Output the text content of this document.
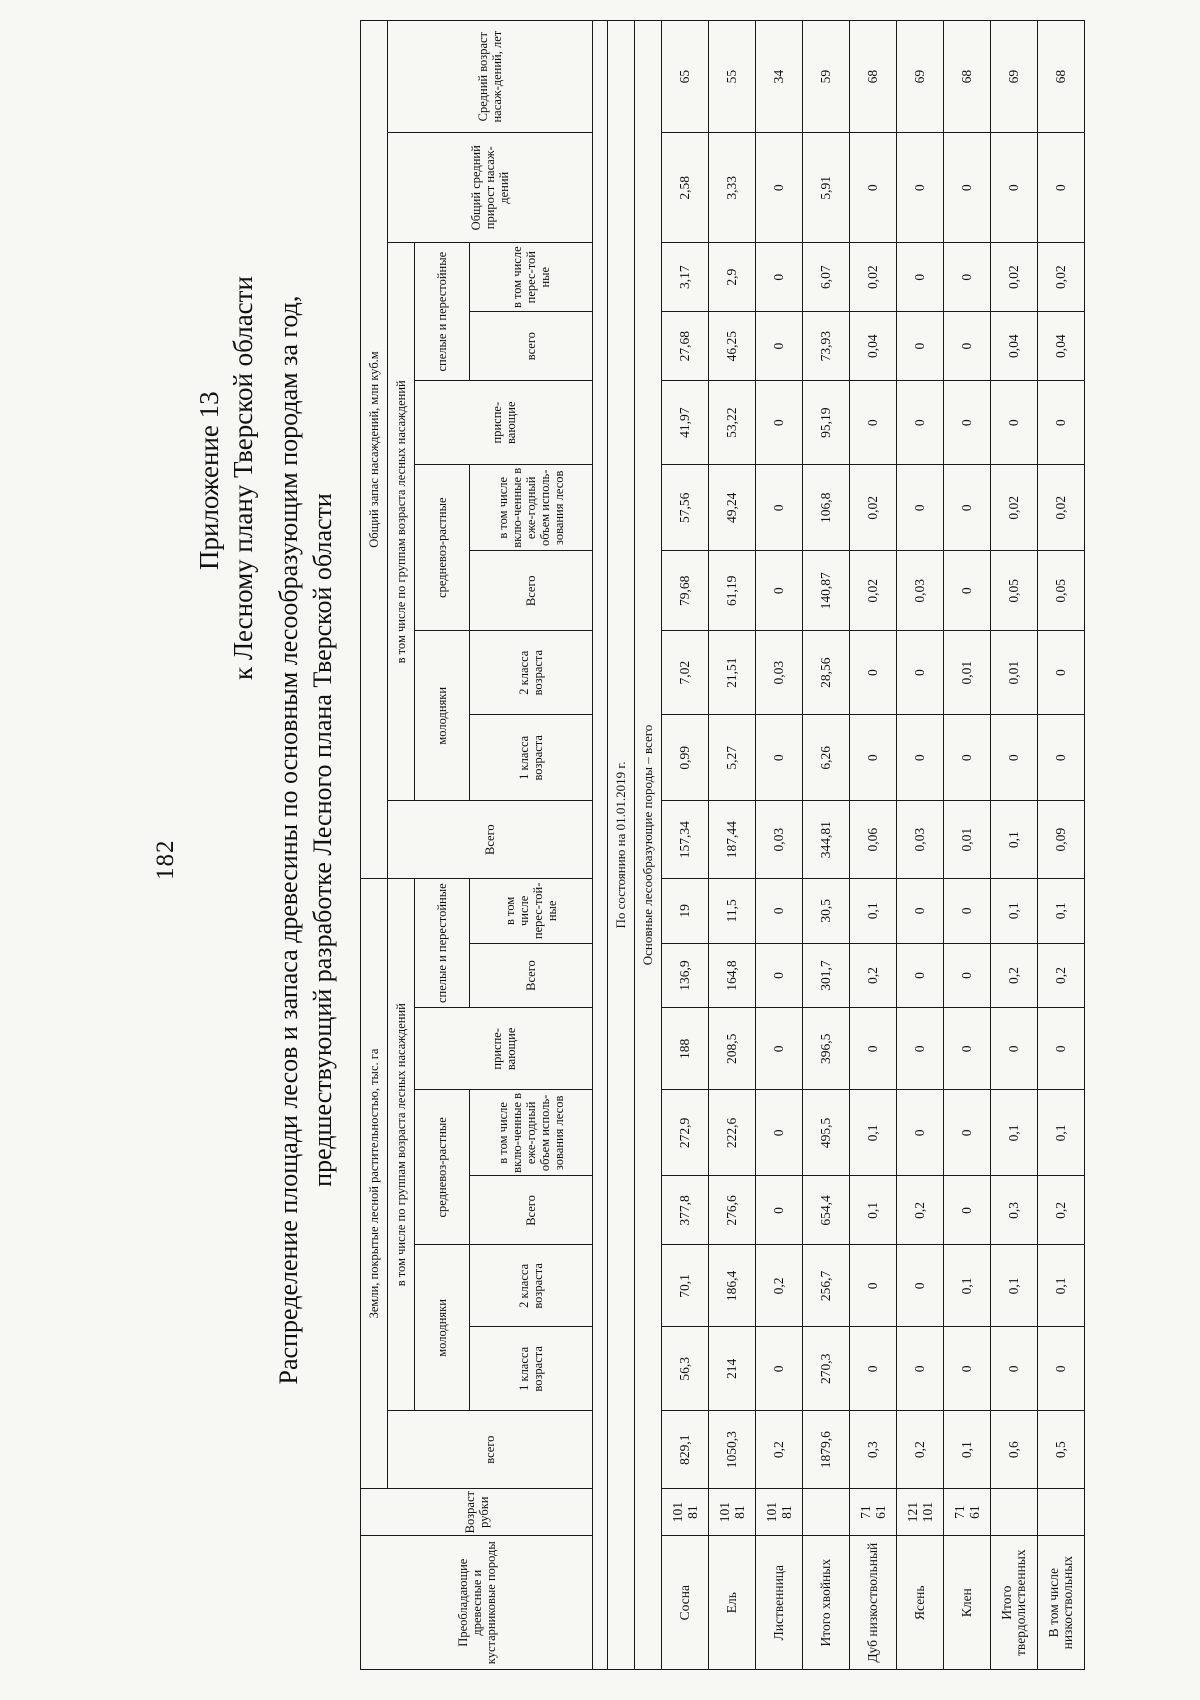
182
Приложение 13 к Лесному плану Тверской области Распределение площади лесов и запаса древесины по основным лесообразующим породам за год, предшествующий разработке Лесного плана Тверской области
Преобладающие древесные и кустарниковые породы	Возраст рубки	Земли, покрытые лесной растительностью, тыс. га								Общий запас насаждений, млн куб.м									
		всего	в том числе по группам возраста лесных насаждений							Всего	в том числе по группам возраста лесных насаждений							Общий средний прирост насаж-дений	Средний возраст насаж-дений, лет
			молодняки		средневоз-растные		приспе-вающие	спелые и перестойные			молодняки		средневоз-растные		приспе-вающие	спелые и перестойные			
			1 класса возраста	2 класса возраста	Всего	в том числе вклю-ченные в еже-годный объем исполь-зования лесов		Всего	в том числе перес-той-ные		1 класса возраста	2 класса возраста	Всего	в том числе вклю-ченные в еже-годный объем исполь-зования лесов		всего	в том числе перес-той ные		

По состоянию на 01.01.2019 г.																			
Основные лесообразующие породы – всего																			
Сосна	101 81	829,1	56,3	70,1	377,8	272,9	188	136,9	19	157,34	0,99	7,02	79,68	57,56	41,97	27,68	3,17	2,58	65
Ель	101 81	1050,3	214	186,4	276,6	222,6	208,5	164,8	11,5	187,44	5,27	21,51	61,19	49,24	53,22	46,25	2,9	3,33	55
Лиственница	101 81	0,2	0	0,2	0	0	0	0	0	0,03	0	0,03	0	0	0	0	0	0	34
Итого хвойных		1879,6	270,3	256,7	654,4	495,5	396,5	301,7	30,5	344,81	6,26	28,56	140,87	106,8	95,19	73,93	6,07	5,91	59
Дуб низкоствольный	71 61	0,3	0	0	0,1	0,1	0	0,2	0,1	0,06	0	0	0,02	0,02	0	0,04	0,02	0	68
Ясень	121 101	0,2	0	0	0,2	0	0	0	0	0,03	0	0	0,03	0	0	0	0	0	69
Клен	71 61	0,1	0	0,1	0	0	0	0	0	0,01	0	0,01	0	0	0	0	0	0	68
Итого твердолиственных		0,6	0	0,1	0,3	0,1	0	0,2	0,1	0,1	0	0,01	0,05	0,02	0	0,04	0,02	0	69
В том числе низкоствольных		0,5	0	0,1	0,2	0,1	0	0,2	0,1	0,09	0	0	0,05	0,02	0	0,04	0,02	0	68
